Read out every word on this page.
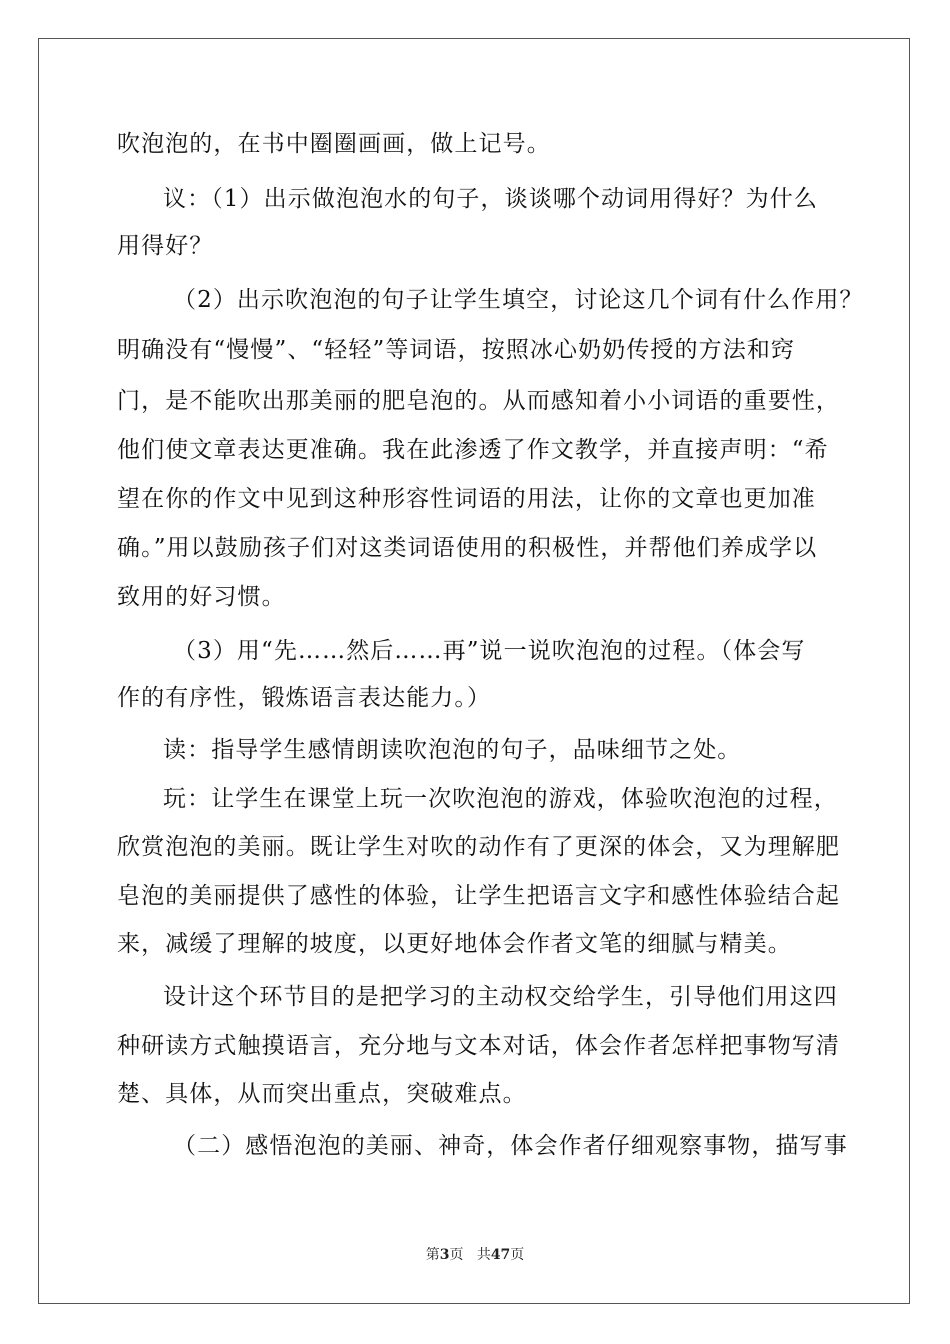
吹泡泡的，在书中圈圈画画，做上记号。
议：（1）出示做泡泡水的句子，谈谈哪个动词用得好？为什么
用得好？
（2）出示吹泡泡的句子让学生填空，讨论这几个词有什么作用？
明确没有“慢慢”、“轻轻”等词语，按照冰心奶奶传授的方法和窍
门，是不能吹出那美丽的肥皂泡的。从而感知着小小词语的重要性，
他们使文章表达更准确。我在此渗透了作文教学，并直接声明：“希
望在你的作文中见到这种形容性词语的用法，让你的文章也更加准
确。”用以鼓励孩子们对这类词语使用的积极性，并帮他们养成学以
致用的好习惯。
（3）用“先……然后……再”说一说吹泡泡的过程。（体会写
作的有序性，锻炼语言表达能力。）
读：指导学生感情朗读吹泡泡的句子，品味细节之处。
玩：让学生在课堂上玩一次吹泡泡的游戏，体验吹泡泡的过程，
欣赏泡泡的美丽。既让学生对吹的动作有了更深的体会，又为理解肥
皂泡的美丽提供了感性的体验，让学生把语言文字和感性体验结合起
来，减缓了理解的坡度，以更好地体会作者文笔的细腻与精美。
设计这个环节目的是把学习的主动权交给学生，引导他们用这四
种研读方式触摸语言，充分地与文本对话，体会作者怎样把事物写清
楚、具体，从而突出重点，突破难点。
（二）感悟泡泡的美丽、神奇，体会作者仔细观察事物，描写事
第3页 共47页
